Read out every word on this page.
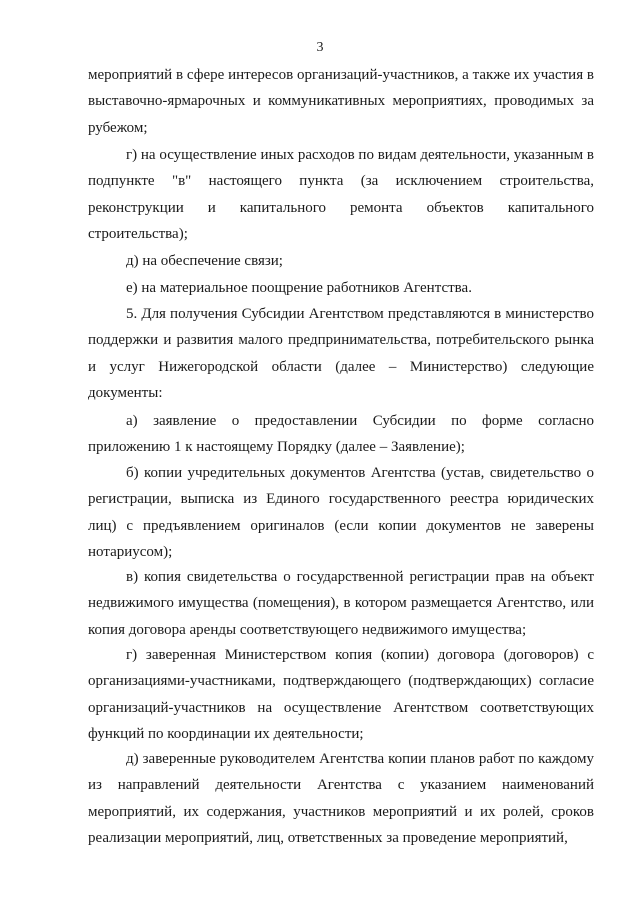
3

мероприятий в сфере интересов организаций-участников, а также их участия в выставочно-ярмарочных и коммуникативных мероприятиях, проводимых за рубежом;

г) на осуществление иных расходов по видам деятельности, указанным в подпункте "в" настоящего пункта (за исключением строительства, реконструкции и капитального ремонта объектов капитального строительства);

д) на обеспечение связи;

е) на материальное поощрение работников Агентства.

5. Для получения Субсидии Агентством представляются в министерство поддержки и развития малого предпринимательства, потребительского рынка и услуг Нижегородской области (далее – Министерство) следующие документы:

а) заявление о предоставлении Субсидии по форме согласно приложению 1 к настоящему Порядку (далее – Заявление);

б) копии учредительных документов Агентства (устав, свидетельство о регистрации, выписка из Единого государственного реестра юридических лиц) с предъявлением оригиналов (если копии документов не заверены нотариусом);

в) копия свидетельства о государственной регистрации прав на объект недвижимого имущества (помещения), в котором размещается Агентство, или копия договора аренды соответствующего недвижимого имущества;

г) заверенная Министерством копия (копии) договора (договоров) с организациями-участниками, подтверждающего (подтверждающих) согласие организаций-участников на осуществление Агентством соответствующих функций по координации их деятельности;

д) заверенные руководителем Агентства копии планов работ по каждому из направлений деятельности Агентства с указанием наименований мероприятий, их содержания, участников мероприятий и их ролей, сроков реализации мероприятий, лиц, ответственных за проведение мероприятий,
